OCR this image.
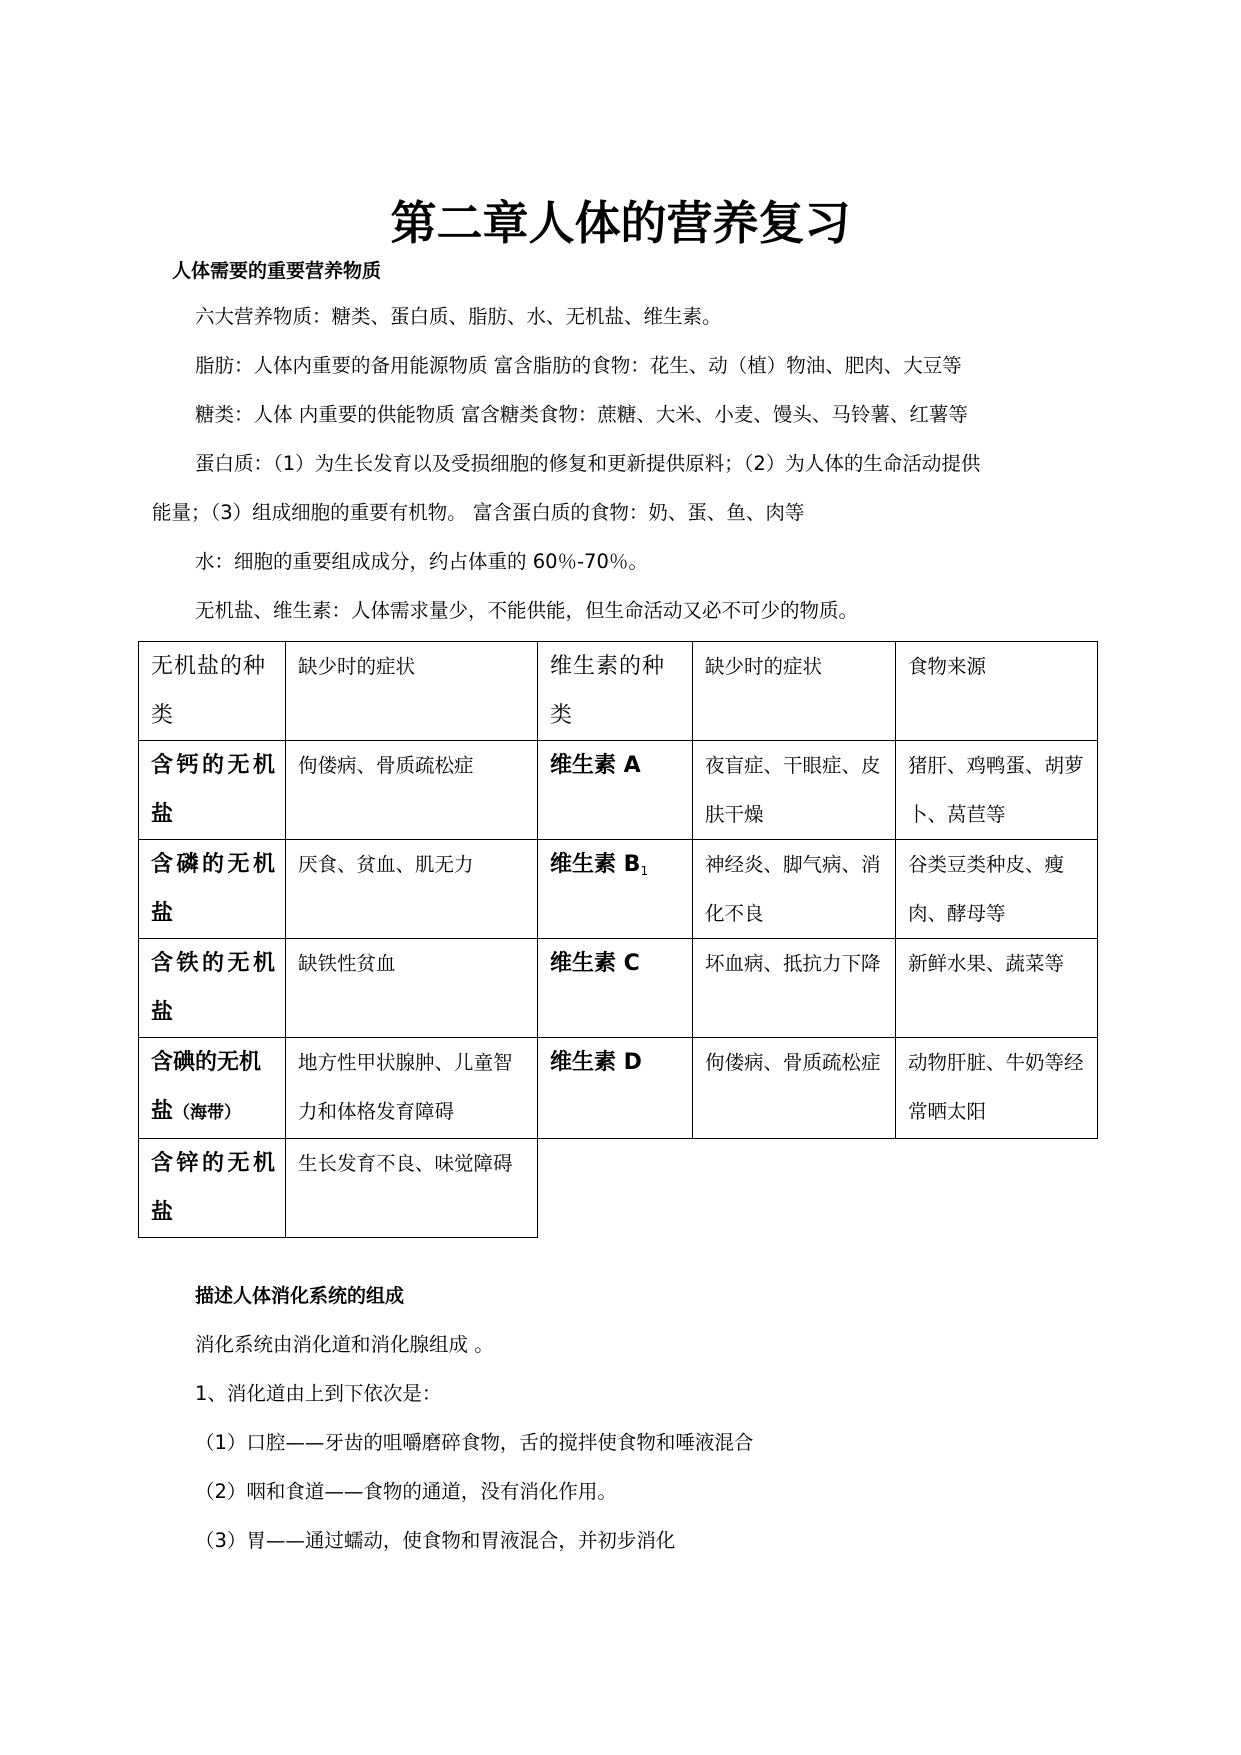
第二章人体的营养复习
人体需要的重要营养物质
六大营养物质：糖类、蛋白质、脂肪、水、无机盐、维生素。
脂肪：人体内重要的备用能源物质 富含脂肪的食物：花生、动（植）物油、肥肉、大豆等
糖类：人体 内重要的供能物质 富含糖类食物：蔗糖、大米、小麦、馒头、马铃薯、红薯等
蛋白质：（1）为生长发育以及受损细胞的修复和更新提供原料；（2）为人体的生命活动提供
能量；（3）组成细胞的重要有机物。 富含蛋白质的食物：奶、蛋、鱼、肉等
水：细胞的重要组成成分，约占体重的 60％-70％。
无机盐、维生素：人体需求量少，不能供能，但生命活动又必不可少的物质。
无机盐的种类	缺少时的症状	维生素的种类	缺少时的症状	食物来源

含钙的无机盐	佝偻病、骨质疏松症	维生素 A	夜盲症、干眼症、皮肤干燥	猪肝、鸡鸭蛋、胡萝卜、莴苣等

含磷的无机盐	厌食、贫血、肌无力	维生素 $B_1$	神经炎、脚气病、消化不良	谷类豆类种皮、瘦肉、酵母等

含铁的无机盐	缺铁性贫血	维生素 C	坏血病、抵抗力下降	新鲜水果、蔬菜等
含碘的无机盐（海带）	地方性甲状腺肿、儿童智力和体格发育障碍	维生素 D	佝偻病、骨质疏松症	动物肝脏、牛奶等经常晒太阳

含锌的无机盐	生长发育不良、味觉障碍			
描述人体消化系统的组成
消化系统由消化道和消化腺组成 。
1、消化道由上到下依次是：
（1）口腔——牙齿的咀嚼磨碎食物，舌的搅拌使食物和唾液混合
（2）咽和食道——食物的通道，没有消化作用。
（3）胃——通过蠕动，使食物和胃液混合，并初步消化
